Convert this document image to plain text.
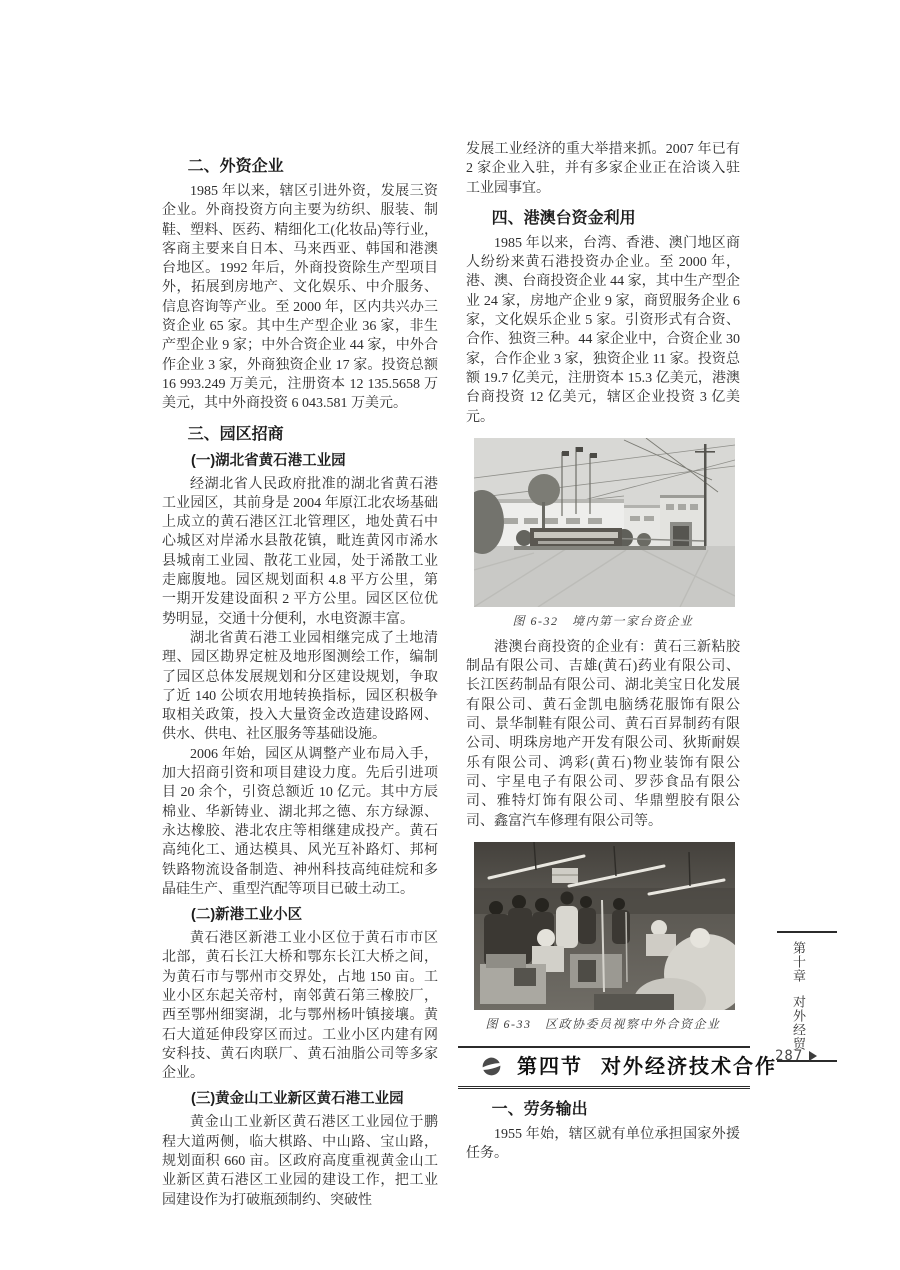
二、外资企业

1985 年以来，辖区引进外资，发展三资企业。外商投资方向主要为纺织、服装、制鞋、塑料、医药、精细化工(化妆品)等行业，客商主要来自日本、马来西亚、韩国和港澳台地区。1992 年后，外商投资除生产型项目外，拓展到房地产、文化娱乐、中介服务、信息咨询等产业。至 2000 年，区内共兴办三资企业 65 家。其中生产型企业 36 家，非生产型企业 9 家；中外合资企业 44 家，中外合作企业 3 家，外商独资企业 17 家。投资总额 16 993.249 万美元，注册资本 12 135.5658 万美元，其中外商投资 6 043.581 万美元。

三、园区招商
(一)湖北省黄石港工业园

经湖北省人民政府批准的湖北省黄石港工业园区，其前身是 2004 年原江北农场基础上成立的黄石港区江北管理区，地处黄石中心城区对岸浠水县散花镇，毗连黄冈市浠水县城南工业园、散花工业园，处于浠散工业走廊腹地。园区规划面积 4.8 平方公里，第一期开发建设面积 2 平方公里。园区区位优势明显，交通十分便利，水电资源丰富。

湖北省黄石港工业园相继完成了土地清理、园区勘界定桩及地形图测绘工作，编制了园区总体发展规划和分区建设规划，争取了近 140 公顷农用地转换指标，园区积极争取相关政策，投入大量资金改造建设路网、供水、供电、社区服务等基础设施。

2006 年始，园区从调整产业布局入手，加大招商引资和项目建设力度。先后引进项目 20 余个，引资总额近 10 亿元。其中方辰棉业、华新铸业、湖北邦之德、东方绿源、永达橡胶、港北农庄等相继建成投产。黄石高纯化工、通达模具、风光互补路灯、邦柯铁路物流设备制造、神州科技高纯硅烷和多晶硅生产、重型汽配等项目已破土动工。

(二)新港工业小区

黄石港区新港工业小区位于黄石市市区北部，黄石长江大桥和鄂东长江大桥之间，为黄石市与鄂州市交界处，占地 150 亩。工业小区东起关帝村，南邻黄石第三橡胶厂，西至鄂州细窦湖，北与鄂州杨叶镇接壤。黄石大道延伸段穿区而过。工业小区内建有网安科技、黄石肉联厂、黄石油脂公司等多家企业。

(三)黄金山工业新区黄石港工业园

黄金山工业新区黄石港区工业园位于鹏程大道两侧，临大棋路、中山路、宝山路，规划面积 660 亩。区政府高度重视黄金山工业新区黄石港区工业园的建设工作，把工业园建设作为打破瓶颈制约、突破性

发展工业经济的重大举措来抓。2007 年已有 2 家企业入驻，并有多家企业正在洽谈入驻工业园事宜。

四、港澳台资金利用

1985 年以来，台湾、香港、澳门地区商人纷纷来黄石港投资办企业。至 2000 年，港、澳、台商投资企业 44 家，其中生产型企业 24 家，房地产企业 9 家，商贸服务企业 6 家，文化娱乐企业 5 家。引资形式有合资、合作、独资三种。44 家企业中，合资企业 30 家，合作企业 3 家，独资企业 11 家。投资总额 19.7 亿美元，注册资本 15.3 亿美元，港澳台商投资 12 亿美元，辖区企业投资 3 亿美元。

图 6-32　境内第一家台资企业

港澳台商投资的企业有：黄石三新粘胶制品有限公司、吉雄(黄石)药业有限公司、长江医药制品有限公司、湖北美宝日化发展有限公司、黄石金凯电脑绣花服饰有限公司、景华制鞋有限公司、黄石百昇制药有限公司、明珠房地产开发有限公司、狄斯耐娱乐有限公司、鸿彩(黄石)物业装饰有限公司、宇星电子有限公司、罗莎食品有限公司、雅特灯饰有限公司、华鼎塑胶有限公司、鑫富汽车修理有限公司等。

图 6-33　区政协委员视察中外合资企业
第四节 对外经济技术合作
一、劳务输出

1955 年始，辖区就有单位承担国家外援任务。

第十章
对外经贸
287
